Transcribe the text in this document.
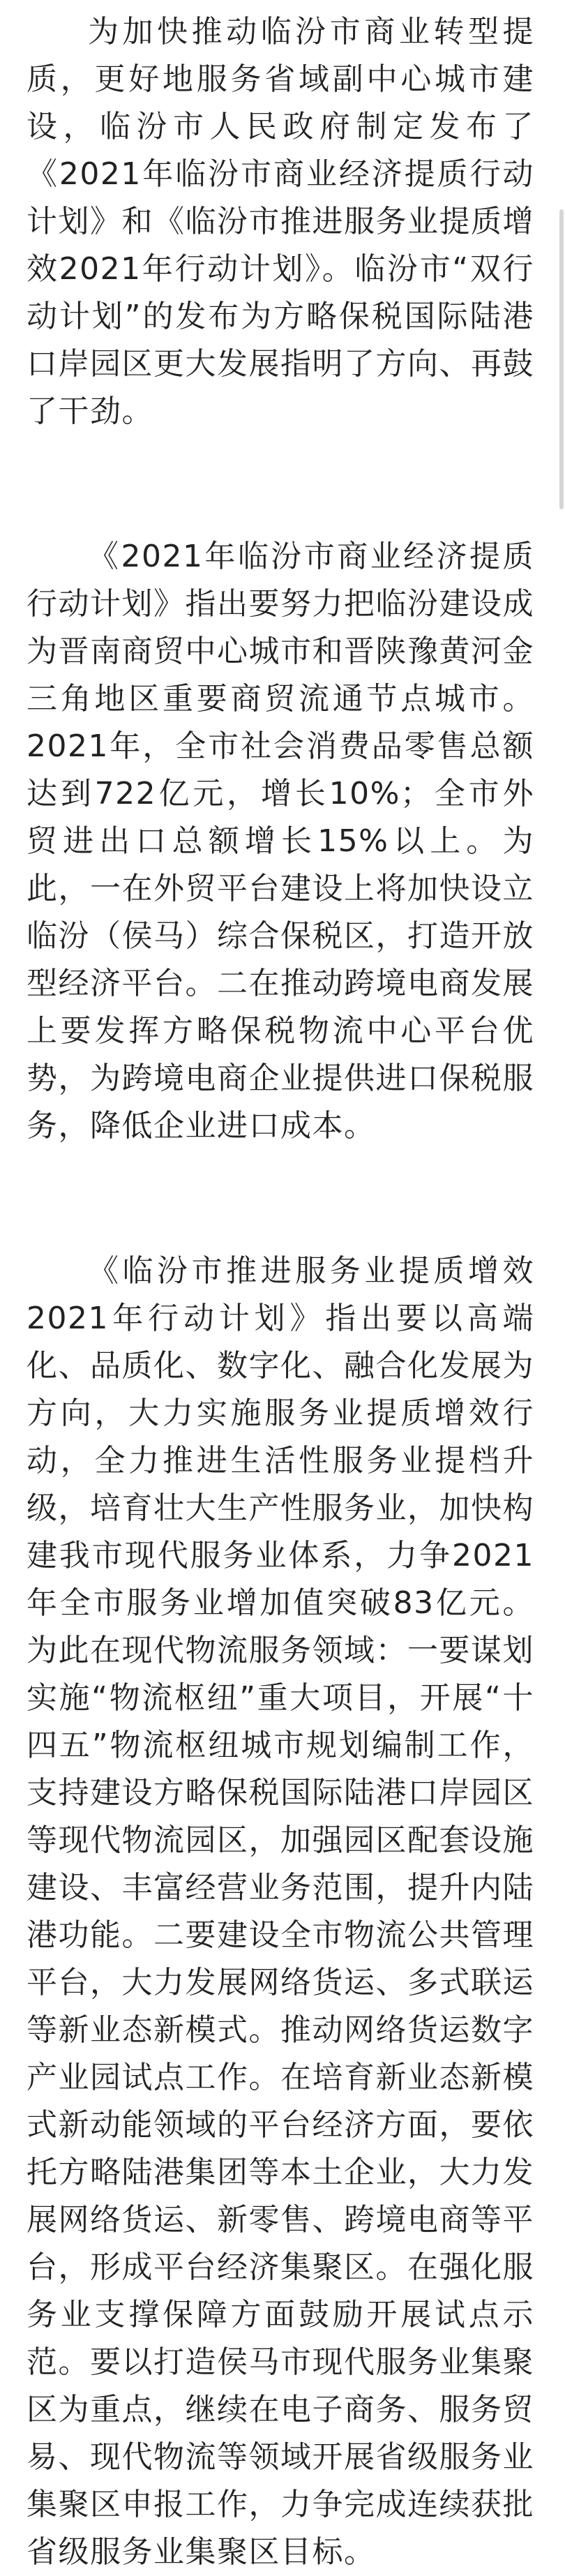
为加快推动临汾市商业转型提质，更好地服务省域副中心城市建设，临汾市人民政府制定发布了《2021年临汾市商业经济提质行动计划》和《临汾市推进服务业提质增效2021年行动计划》。临汾市“双行动计划”的发布为方略保税国际陆港口岸园区更大发展指明了方向、再鼓了干劲。

《2021年临汾市商业经济提质行动计划》指出要努力把临汾建设成为晋南商贸中心城市和晋陕豫黄河金三角地区重要商贸流通节点城市。2021年，全市社会消费品零售总额达到722亿元，增长10%；全市外贸进出口总额增长15%以上。为此，一在外贸平台建设上将加快设立临汾（侯马）综合保税区，打造开放型经济平台。二在推动跨境电商发展上要发挥方略保税物流中心平台优势，为跨境电商企业提供进口保税服务，降低企业进口成本。

《临汾市推进服务业提质增效2021年行动计划》指出要以高端化、品质化、数字化、融合化发展为方向，大力实施服务业提质增效行动，全力推进生活性服务业提档升级，培育壮大生产性服务业，加快构建我市现代服务业体系，力争2021年全市服务业增加值突破83亿元。为此在现代物流服务领域：一要谋划实施“物流枢纽”重大项目，开展“十四五”物流枢纽城市规划编制工作，支持建设方略保税国际陆港口岸园区等现代物流园区，加强园区配套设施建设、丰富经营业务范围，提升内陆港功能。二要建设全市物流公共管理平台，大力发展网络货运、多式联运等新业态新模式。推动网络货运数字产业园试点工作。在培育新业态新模式新动能领域的平台经济方面，要依托方略陆港集团等本土企业，大力发展网络货运、新零售、跨境电商等平台，形成平台经济集聚区。在强化服务业支撑保障方面鼓励开展试点示范。要以打造侯马市现代服务业集聚区为重点，继续在电子商务、服务贸易、现代物流等领域开展省级服务业集聚区申报工作，力争完成连续获批省级服务业集聚区目标。
